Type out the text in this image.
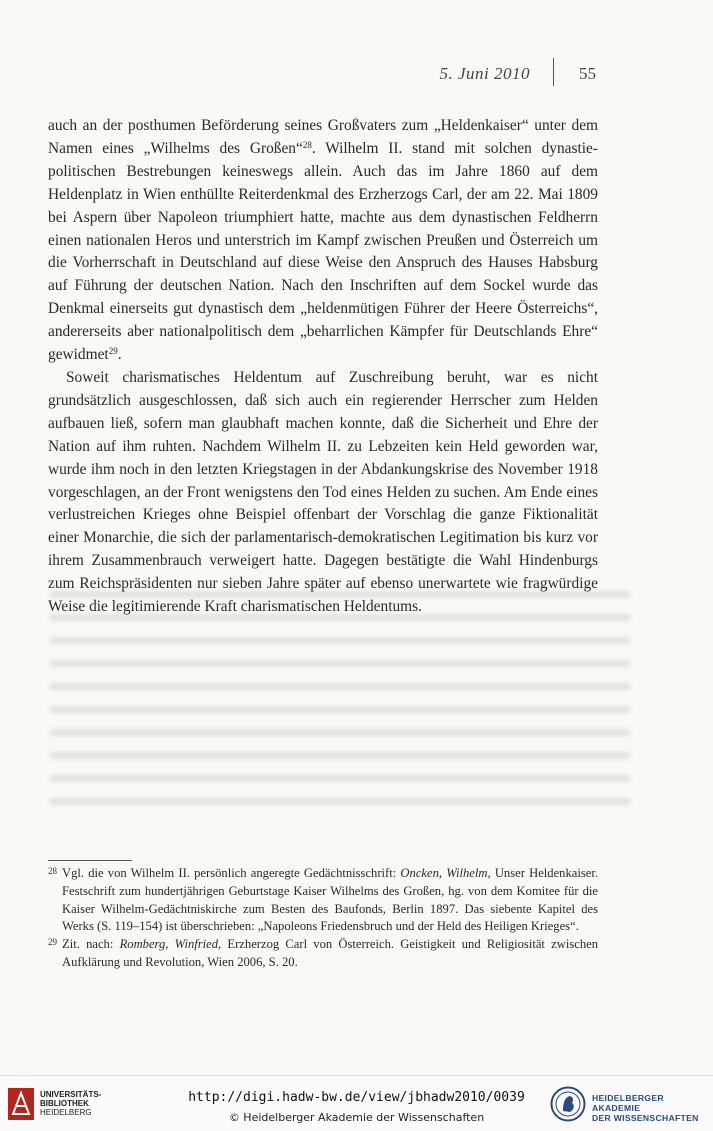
5. Juni 2010	55

auch an der posthumen Beförderung seines Großvaters zum „Heldenkaiser“ unter dem Namen eines „Wilhelms des Großen“$^{28}$. Wilhelm II. stand mit solchen dynastie-politischen Bestrebungen keineswegs allein. Auch das im Jahre 1860 auf dem Heldenplatz in Wien enthüllte Reiterdenkmal des Erzherzogs Carl, der am 22. Mai 1809 bei Aspern über Napoleon triumphiert hatte, machte aus dem dynastischen Feldherrn einen nationalen Heros und unterstrich im Kampf zwischen Preußen und Österreich um die Vorherrschaft in Deutschland auf diese Weise den Anspruch des Hauses Habsburg auf Führung der deutschen Nation. Nach den Inschriften auf dem Sockel wurde das Denkmal einerseits gut dynastisch dem „heldenmütigen Führer der Heere Österreichs“, andererseits aber nationalpolitisch dem „beharrlichen Kämpfer für Deutschlands Ehre“ gewidmet$^{29}$.

Soweit charismatisches Heldentum auf Zuschreibung beruht, war es nicht grundsätzlich ausgeschlossen, daß sich auch ein regierender Herrscher zum Helden aufbauen ließ, sofern man glaubhaft machen konnte, daß die Sicherheit und Ehre der Nation auf ihm ruhten. Nachdem Wilhelm II. zu Lebzeiten kein Held geworden war, wurde ihm noch in den letzten Kriegstagen in der Abdankungskrise des November 1918 vorgeschlagen, an der Front wenigstens den Tod eines Helden zu suchen. Am Ende eines verlustreichen Krieges ohne Beispiel offenbart der Vorschlag die ganze Fiktionalität einer Monarchie, die sich der parlamentarisch-demokratischen Legitimation bis kurz vor ihrem Zusammenbrauch verweigert hatte. Dagegen bestätigte die Wahl Hindenburgs zum Reichspräsidenten nur sieben Jahre später auf ebenso unerwartete wie fragwürdige Weise die legitimierende Kraft charismatischen Heldentums.

28 Vgl. die von Wilhelm II. persönlich angeregte Gedächtnisschrift: Oncken, Wilhelm, Unser Heldenkaiser. Festschrift zum hundertjährigen Geburtstage Kaiser Wilhelms des Großen, hg. von dem Komitee für die Kaiser Wilhelm-Gedächtniskirche zum Besten des Baufonds, Berlin 1897. Das siebente Kapitel des Werks (S. 119–154) ist überschrieben: „Napoleons Friedensbruch und der Held des Heiligen Krieges“.

29 Zit. nach: Romberg, Winfried, Erzherzog Carl von Österreich. Geistigkeit und Religiosität zwischen Aufklärung und Revolution, Wien 2006, S. 20.

UNIVERSITÄTS-
BIBLIOTHEK
HEIDELBERG
http://digi.hadw-bw.de/view/jbhadw2010/0039
© Heidelberger Akademie der Wissenschaften
HEIDELBERGER AKADEMIE
DER WISSENSCHAFTEN
